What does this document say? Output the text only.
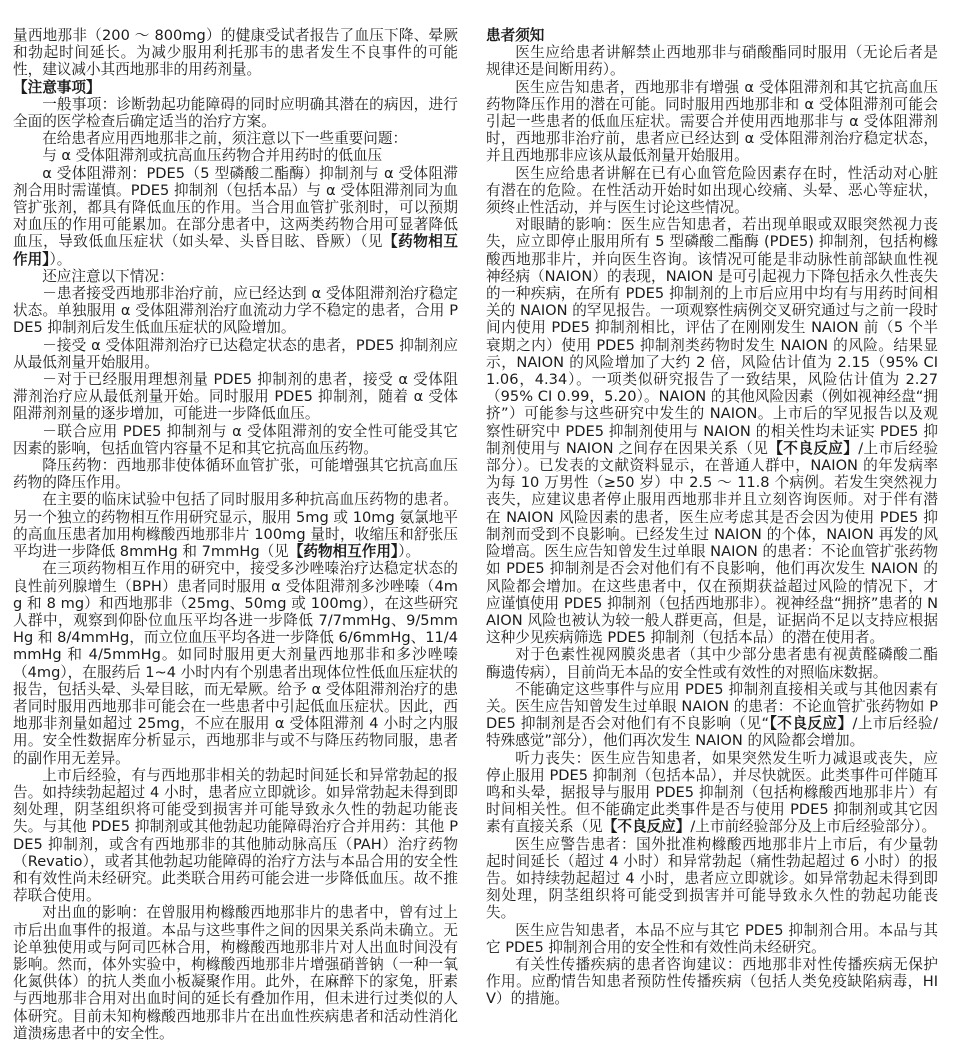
量西地那非（200 ～ 800mg）的健康受试者报告了血压下降、晕厥和勃起时间延长。为减少服用利托那韦的患者发生不良事件的可能性，建议减小其西地那非的用药剂量。

【注意事项】

一般事项：诊断勃起功能障碍的同时应明确其潜在的病因，进行全面的医学检查后确定适当的治疗方案。

在给患者应用西地那非之前，须注意以下一些重要问题：

与 α 受体阻滞剂或抗高血压药物合并用药时的低血压

α 受体阻滞剂：PDE5（5 型磷酸二酯酶）抑制剂与 α 受体阻滞剂合用时需谨慎。PDE5 抑制剂（包括本品）与 α 受体阻滞剂同为血管扩张剂，都具有降低血压的作用。当合用血管扩张剂时，可以预期对血压的作用可能累加。在部分患者中，这两类药物合用可显著降低血压，导致低血压症状（如头晕、头昏目眩、昏厥）（见【药物相互作用】）。

还应注意以下情况：

－患者接受西地那非治疗前，应已经达到 α 受体阻滞剂治疗稳定状态。单独服用 α 受体阻滞剂治疗血流动力学不稳定的患者，合用 PDE5 抑制剂后发生低血压症状的风险增加。

－接受 α 受体阻滞剂治疗已达稳定状态的患者，PDE5 抑制剂应从最低剂量开始服用。

－对于已经服用理想剂量 PDE5 抑制剂的患者，接受 α 受体阻滞剂治疗应从最低剂量开始。同时服用 PDE5 抑制剂，随着 α 受体阻滞剂剂量的逐步增加，可能进一步降低血压。

－联合应用 PDE5 抑制剂与 α 受体阻滞剂的安全性可能受其它因素的影响，包括血管内容量不足和其它抗高血压药物。

降压药物：西地那非使体循环血管扩张，可能增强其它抗高血压药物的降压作用。

在主要的临床试验中包括了同时服用多种抗高血压药物的患者。另一个独立的药物相互作用研究显示，服用 5mg 或 10mg 氨氯地平的高血压患者加用枸橼酸西地那非片 100mg 量时，收缩压和舒张压平均进一步降低 8mmHg 和 7mmHg（见【药物相互作用】）。

在三项药物相互作用的研究中，接受多沙唑嗪治疗达稳定状态的良性前列腺增生（BPH）患者同时服用 α 受体阻滞剂多沙唑嗪（4mg 和 8 mg）和西地那非（25mg、50mg 或 100mg），在这些研究人群中，观察到仰卧位血压平均各进一步降低 7/7mmHg、9/5mmHg 和 8/4mmHg，而立位血压平均各进一步降低 6/6mmHg、11/4mmHg 和 4/5mmHg。如同时服用更大剂量西地那非和多沙唑嗪（4mg），在服药后 1~4 小时内有个别患者出现体位性低血压症状的报告，包括头晕、头晕目眩，而无晕厥。给予 α 受体阻滞剂治疗的患者同时服用西地那非可能会在一些患者中引起低血压症状。因此，西地那非剂量如超过 25mg，不应在服用 α 受体阻滞剂 4 小时之内服用。安全性数据库分析显示，西地那非与或不与降压药物同服，患者的副作用无差异。

上市后经验，有与西地那非相关的勃起时间延长和异常勃起的报告。如持续勃起超过 4 小时，患者应立即就诊。如异常勃起未得到即刻处理，阴茎组织将可能受到损害并可能导致永久性的勃起功能丧失。与其他 PDE5 抑制剂或其他勃起功能障碍治疗合并用药：其他 PDE5 抑制剂，或含有西地那非的其他肺动脉高压（PAH）治疗药物（Revatio），或者其他勃起功能障碍的治疗方法与本品合用的安全性和有效性尚未经研究。此类联合用药可能会进一步降低血压。故不推荐联合使用。

对出血的影响：在曾服用枸橼酸西地那非片的患者中，曾有过上市后出血事件的报道。本品与这些事件之间的因果关系尚未确立。无论单独使用或与阿司匹林合用，枸橼酸西地那非片对人出血时间没有影响。然而，体外实验中，枸橼酸西地那非片增强硝普钠（一种一氧化氮供体）的抗人类血小板凝聚作用。此外，在麻醉下的家兔，肝素与西地那非合用对出血时间的延长有叠加作用，但未进行过类似的人体研究。目前未知枸橼酸西地那非片在出血性疾病患者和活动性消化道溃疡患者中的安全性。

患者须知

医生应给患者讲解禁止西地那非与硝酸酯同时服用（无论后者是规律还是间断用药）。

医生应告知患者，西地那非有增强 α 受体阻滞剂和其它抗高血压药物降压作用的潜在可能。同时服用西地那非和 α 受体阻滞剂可能会引起一些患者的低血压症状。需要合并使用西地那非与 α 受体阻滞剂时，西地那非治疗前，患者应已经达到 α 受体阻滞剂治疗稳定状态，并且西地那非应该从最低剂量开始服用。

医生应给患者讲解在已有心血管危险因素存在时，性活动对心脏有潜在的危险。在性活动开始时如出现心绞痛、头晕、恶心等症状，须终止性活动，并与医生讨论这些情况。

对眼睛的影响：医生应告知患者，若出现单眼或双眼突然视力丧失，应立即停止服用所有 5 型磷酸二酯酶 (PDE5) 抑制剂，包括枸橼酸西地那非片，并向医生咨询。该情况可能是非动脉性前部缺血性视神经病（NAION）的表现，NAION 是可引起视力下降包括永久性丧失的一种疾病，在所有 PDE5 抑制剂的上市后应用中均有与用药时间相关的 NAION 的罕见报告。一项观察性病例交叉研究通过与之前一段时间内使用 PDE5 抑制剂相比，评估了在刚刚发生 NAION 前（5 个半衰期之内）使用 PDE5 抑制剂类药物时发生 NAION 的风险。结果显示，NAION 的风险增加了大约 2 倍，风险估计值为 2.15（95% CI 1.06，4.34）。一项类似研究报告了一致结果，风险估计值为 2.27（95% CI 0.99，5.20）。NAION 的其他风险因素（例如视神经盘“拥挤”）可能参与这些研究中发生的 NAION。上市后的罕见报告以及观察性研究中 PDE5 抑制剂使用与 NAION 的相关性均未证实 PDE5 抑制剂使用与 NAION 之间存在因果关系（见【不良反应】/上市后经验部分）。已发表的文献资料显示，在普通人群中，NAION 的年发病率为每 10 万男性（≥50 岁）中 2.5 ～ 11.8 个病例。若发生突然视力丧失，应建议患者停止服用西地那非并且立刻咨询医师。对于伴有潜在 NAION 风险因素的患者，医生应考虑其是否会因为使用 PDE5 抑制剂而受到不良影响。已经发生过 NAION 的个体，NAION 再发的风险增高。医生应告知曾发生过单眼 NAION 的患者：不论血管扩张药物如 PDE5 抑制剂是否会对他们有不良影响，他们再次发生 NAION 的风险都会增加。在这些患者中，仅在预期获益超过风险的情况下，才应谨慎使用 PDE5 抑制剂（包括西地那非）。视神经盘“拥挤”患者的 NAION 风险也被认为较一般人群更高，但是，证据尚不足以支持应根据这种少见疾病筛选 PDE5 抑制剂（包括本品）的潜在使用者。

对于色素性视网膜炎患者（其中少部分患者患有视黄醛磷酸二酯酶遗传病），目前尚无本品的安全性或有效性的对照临床数据。

不能确定这些事件与应用 PDE5 抑制剂直接相关或与其他因素有关。医生应告知曾发生过单眼 NAION 的患者：不论血管扩张药物如 PDE5 抑制剂是否会对他们有不良影响（见“【不良反应】/上市后经验/特殊感觉”部分），他们再次发生 NAION 的风险都会增加。

听力丧失：医生应告知患者，如果突然发生听力减退或丧失，应停止服用 PDE5 抑制剂（包括本品），并尽快就医。此类事件可伴随耳鸣和头晕，据报导与服用 PDE5 抑制剂（包括枸橼酸西地那非片）有时间相关性。但不能确定此类事件是否与使用 PDE5 抑制剂或其它因素有直接关系（见【不良反应】/上市前经验部分及上市后经验部分）。

医生应警告患者：国外批准枸橼酸西地那非片上市后，有少量勃起时间延长（超过 4 小时）和异常勃起（痛性勃起超过 6 小时）的报告。如持续勃起超过 4 小时，患者应立即就诊。如异常勃起未得到即刻处理，阴茎组织将可能受到损害并可能导致永久性的勃起功能丧失。

医生应告知患者，本品不应与其它 PDE5 抑制剂合用。本品与其它 PDE5 抑制剂合用的安全性和有效性尚未经研究。

有关性传播疾病的患者咨询建议：西地那非对性传播疾病无保护作用。应酌情告知患者预防性传播疾病（包括人类免疫缺陷病毒，HIV）的措施。
